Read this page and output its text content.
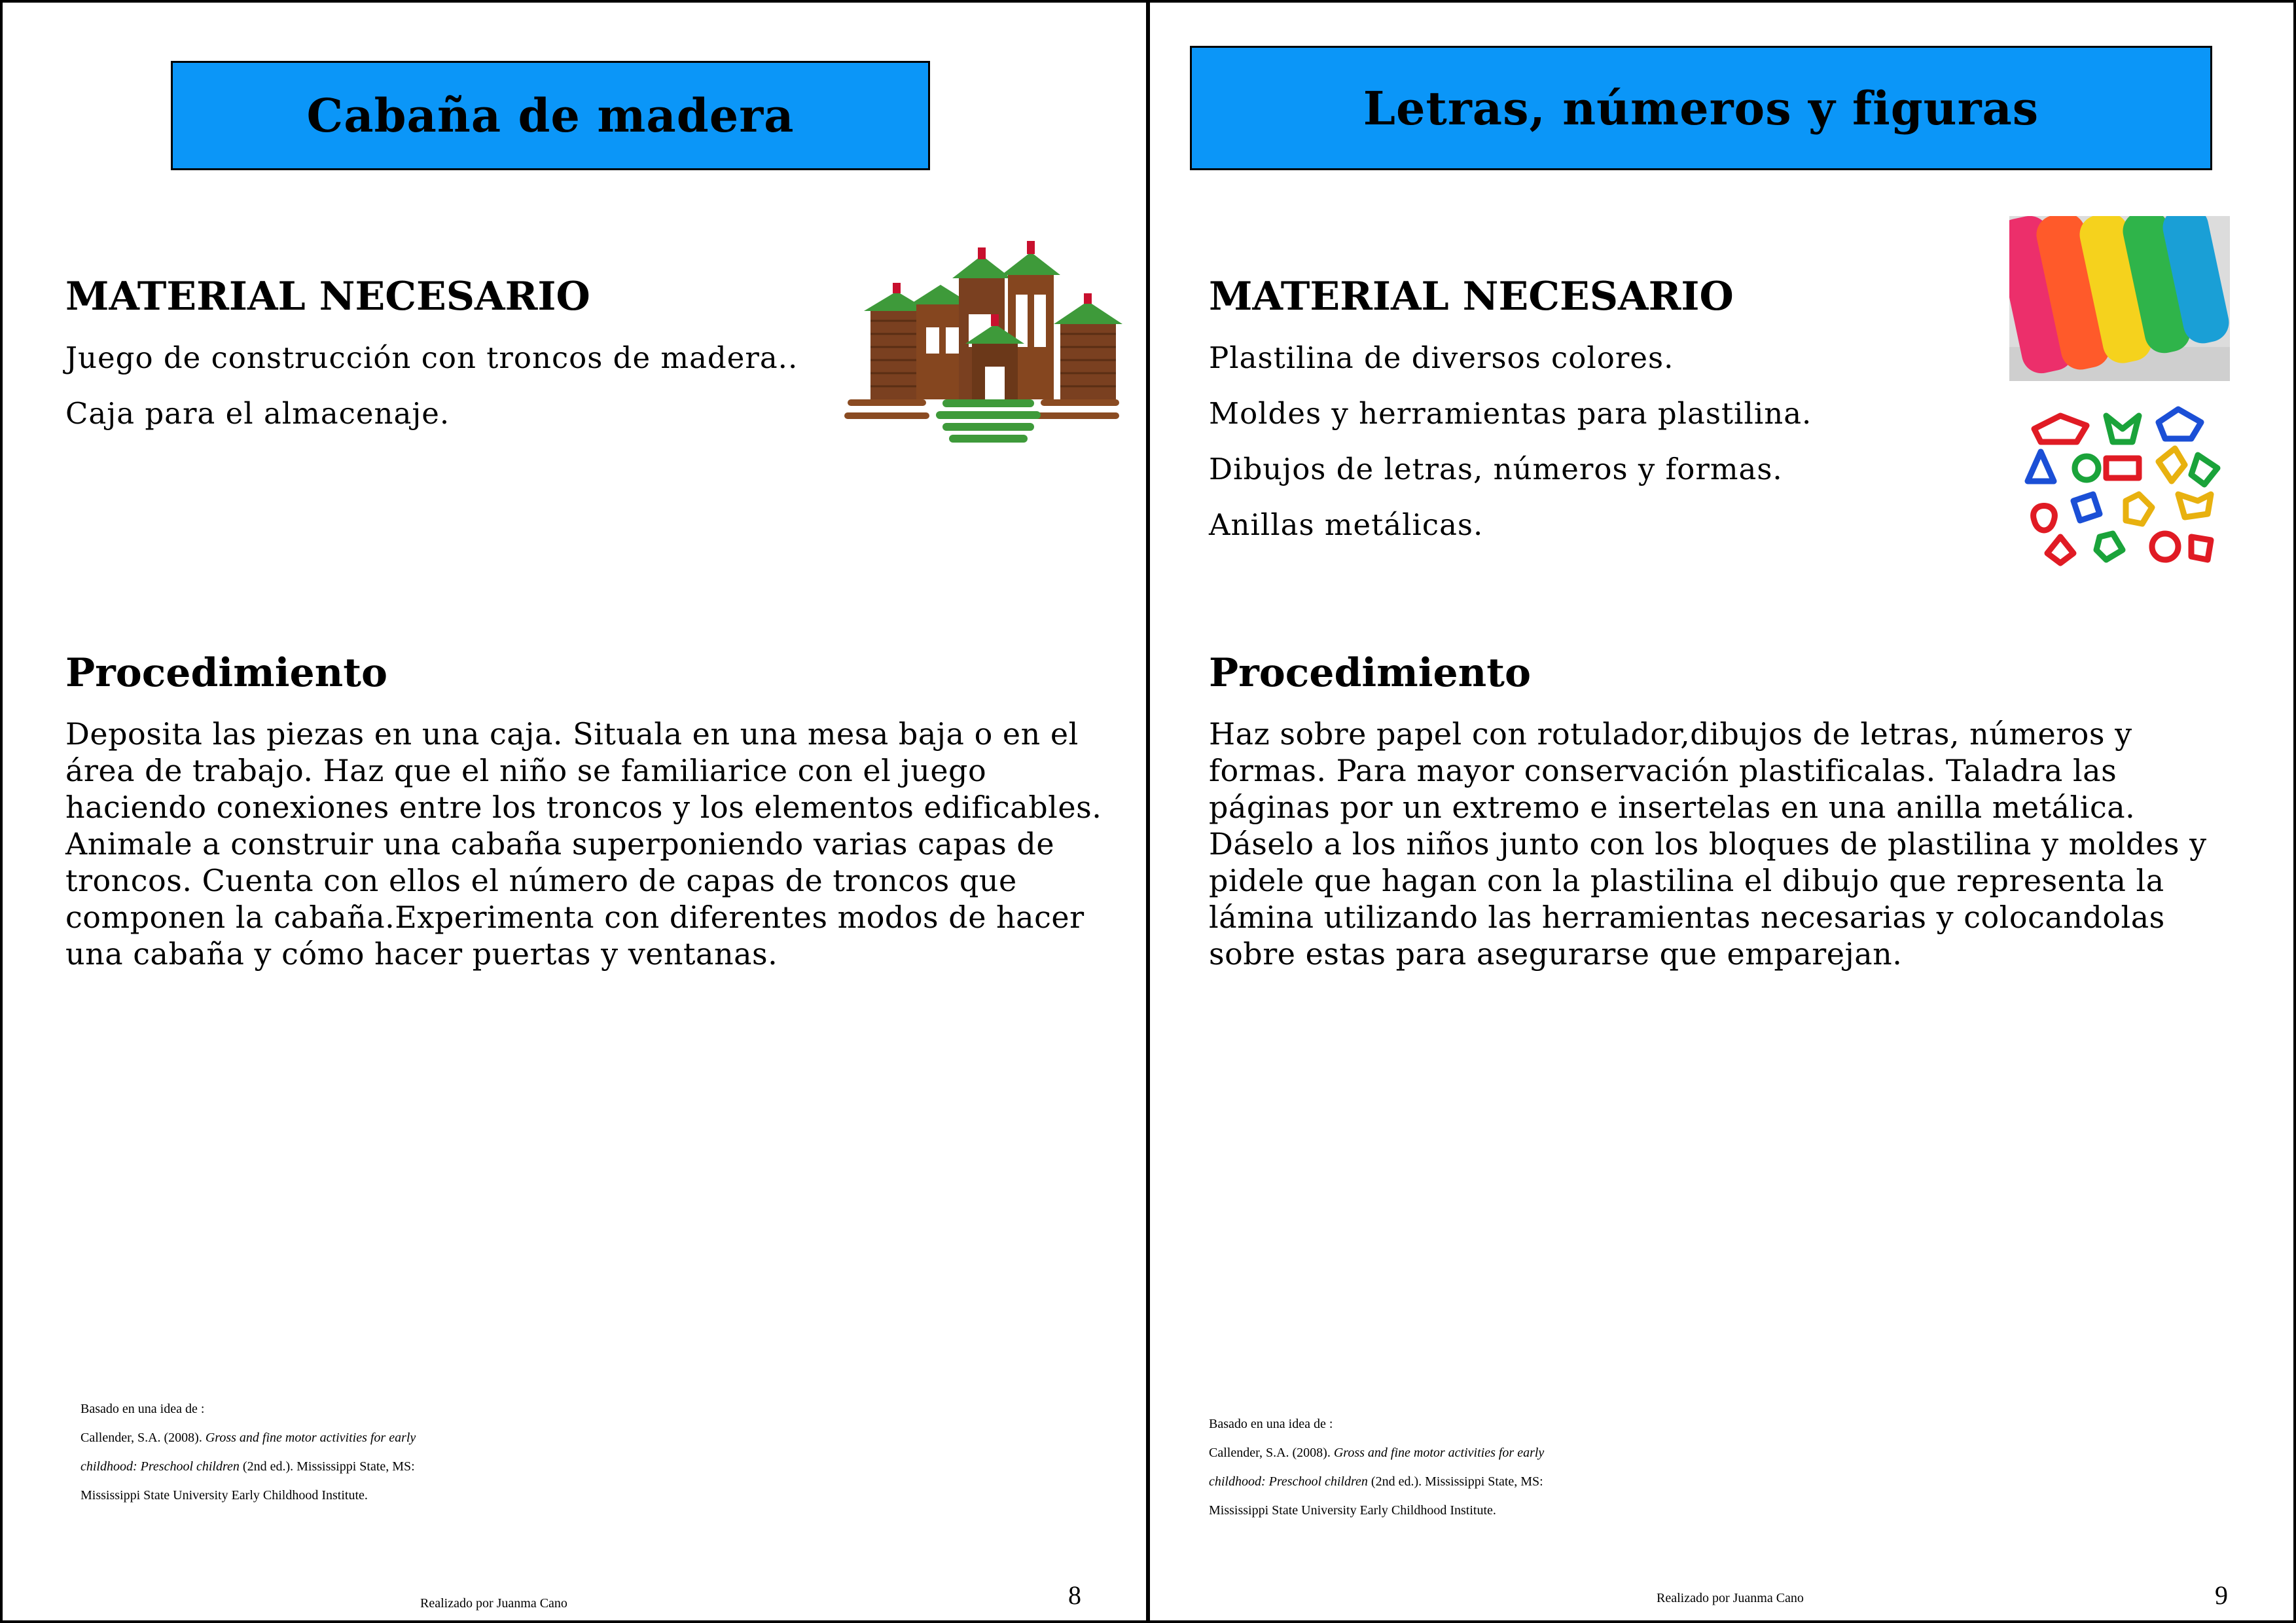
Cabaña de madera
MATERIAL NECESARIO
Juego de construcción con troncos de madera..
Caja para el almacenaje.
Procedimiento
Deposita las piezas en una caja. Situala en una mesa baja o en el
área de trabajo. Haz que el niño se familiarice con el juego
haciendo conexiones entre los troncos y los elementos edificables.
Animale a construir una cabaña superponiendo varias capas de
troncos. Cuenta con ellos el número de capas de troncos que
componen la cabaña.Experimenta con diferentes modos de hacer
una cabaña y cómo hacer puertas y ventanas.
Basado en una idea de :
Callender, S.A. (2008). Gross and fine motor activities for early
childhood: Preschool children (2nd ed.). Mississippi State, MS:
Mississippi State University Early Childhood Institute.
Realizado por Juanma Cano	8
Letras, números y figuras
MATERIAL NECESARIO
Plastilina de diversos colores.
Moldes y herramientas para plastilina.
Dibujos de letras, números y formas.
Anillas metálicas.
Procedimiento
Haz sobre papel con rotulador,dibujos de letras, números y
formas. Para mayor conservación plastificalas. Taladra las
páginas por un extremo e insertelas en una anilla metálica.
Dáselo a los niños junto con los bloques de plastilina y moldes y
pidele que hagan con la plastilina el dibujo que representa la
lámina utilizando las herramientas necesarias y colocandolas
sobre estas para asegurarse que emparejan.
Basado en una idea de :
Callender, S.A. (2008). Gross and fine motor activities for early
childhood: Preschool children (2nd ed.). Mississippi State, MS:
Mississippi State University Early Childhood Institute.
Realizado por Juanma Cano	9
